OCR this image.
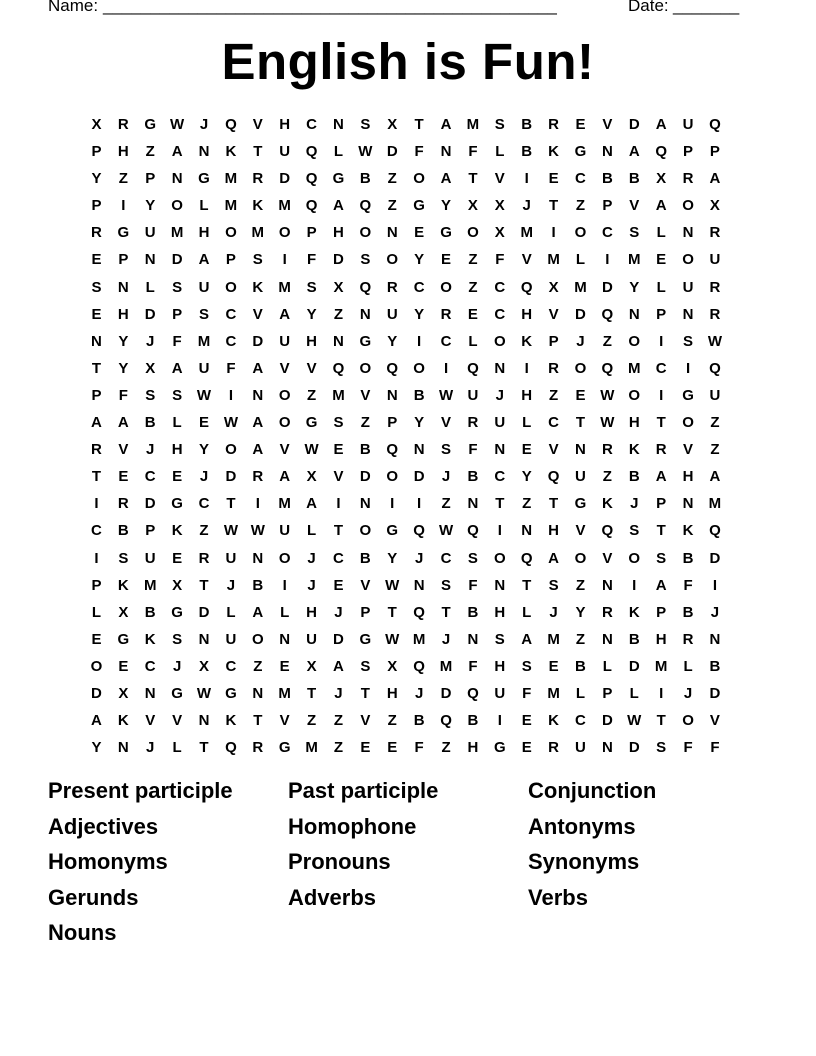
Name: ________________________________________________	Date: _______
English is Fun!
X	R	G W	J	Q	V	H	C	N	S	X	T	A	M	S	B	R	E	V	D	A	U	Q
P	H	Z	A	N	K	T	U	Q	L	W D	F	N	F	L	B	K	G	N	A	Q	P	P
Y	Z	P	N	G M	R	D	Q	G	B	Z	O	A	T	V	I	E	C	B	B	X	R	A
P	I	Y	O	L	M	K	M Q	A	Q	Z	G	Y	X	X	J	T	Z	P	V	A	O	X
R	G	U	M	H	O M O	P	H	O	N	E	G	O	X	M	I	O	C	S	L	N	R
E	P	N	D	A	P	S	I	F	D	S	O	Y	E	Z	F	V	M	L	I	M	E	O	U
S	N	L	S	U	O	K	M	S	X	Q	R	C	O	Z	C	Q	X	M	D	Y	L	U	R
E	H	D	P	S	C	V	A	Y	Z	N	U	Y	R	E	C	H	V	D	Q	N	P	N	R
N	Y	J	F	M	C	D	U	H	N	G	Y	I	C	L	O	K	P	J	Z	O	I	S W
T	Y	X	A	U	F	A	V	V	Q	O	Q	O	I	Q	N	I	R	O	Q M	C	I	Q
P	F	S	S W	I	N	O	Z	M	V	N	B W U	J	H	Z	E W O	I	G	U
A	A	B	L	E W A	O	G	S	Z	P	Y	V	R	U	L	C	T	W H	T	O	Z
R	V	J	H	Y	O	A	V W E	B	Q	N	S	F	N	E	V	N	R	K	R	V	Z
T	E	C	E	J	D	R	A	X	V	D	O	D	J	B	C	Y	Q	U	Z	B	A	H	A
I	R	D	G	C	T	I	M	A	I	N	I	I	Z	N	T	Z	T	G	K	J	P	N	M
C	B	P	K	Z	W W U	L	T	O	G	Q W Q	I	N	H	V	Q	S	T	K	Q
I	S	U	E	R	U	N	O	J	C	B	Y	J	C	S	O	Q	A	O	V	O	S	B	D
P	K	M	X	T	J	B	I	J	E	V W N	S	F	N	T	S	Z	N	I	A	F	I
L	X	B	G	D	L	A	L	H	J	P	T	Q	T	B	H	L	J	Y	R	K	P	B	J
E	G	K	S	N	U	O	N	U	D	G W M	J	N	S	A	M	Z	N	B	H	R	N
O	E	C	J	X	C	Z	E	X	A	S	X	Q M	F	H	S	E	B	L	D	M	L	B
D	X	N	G W G	N	M	T	J	T	H	J	D	Q	U	F	M	L	P	L	I	J	D
A	K	V	V	N	K	T	V	Z	Z	V	Z	B	Q	B	I	E	K	C	D W	T	O	V
Y	N	J	L	T	Q	R	G M	Z	E	E	F	Z	H	G	E	R	U	N	D	S	F	F
Present participle	Past participle	Conjunction
Adjectives	Homophone	Antonyms
Homonyms	Pronouns	Synonyms
Gerunds	Adverbs	Verbs
Nouns
